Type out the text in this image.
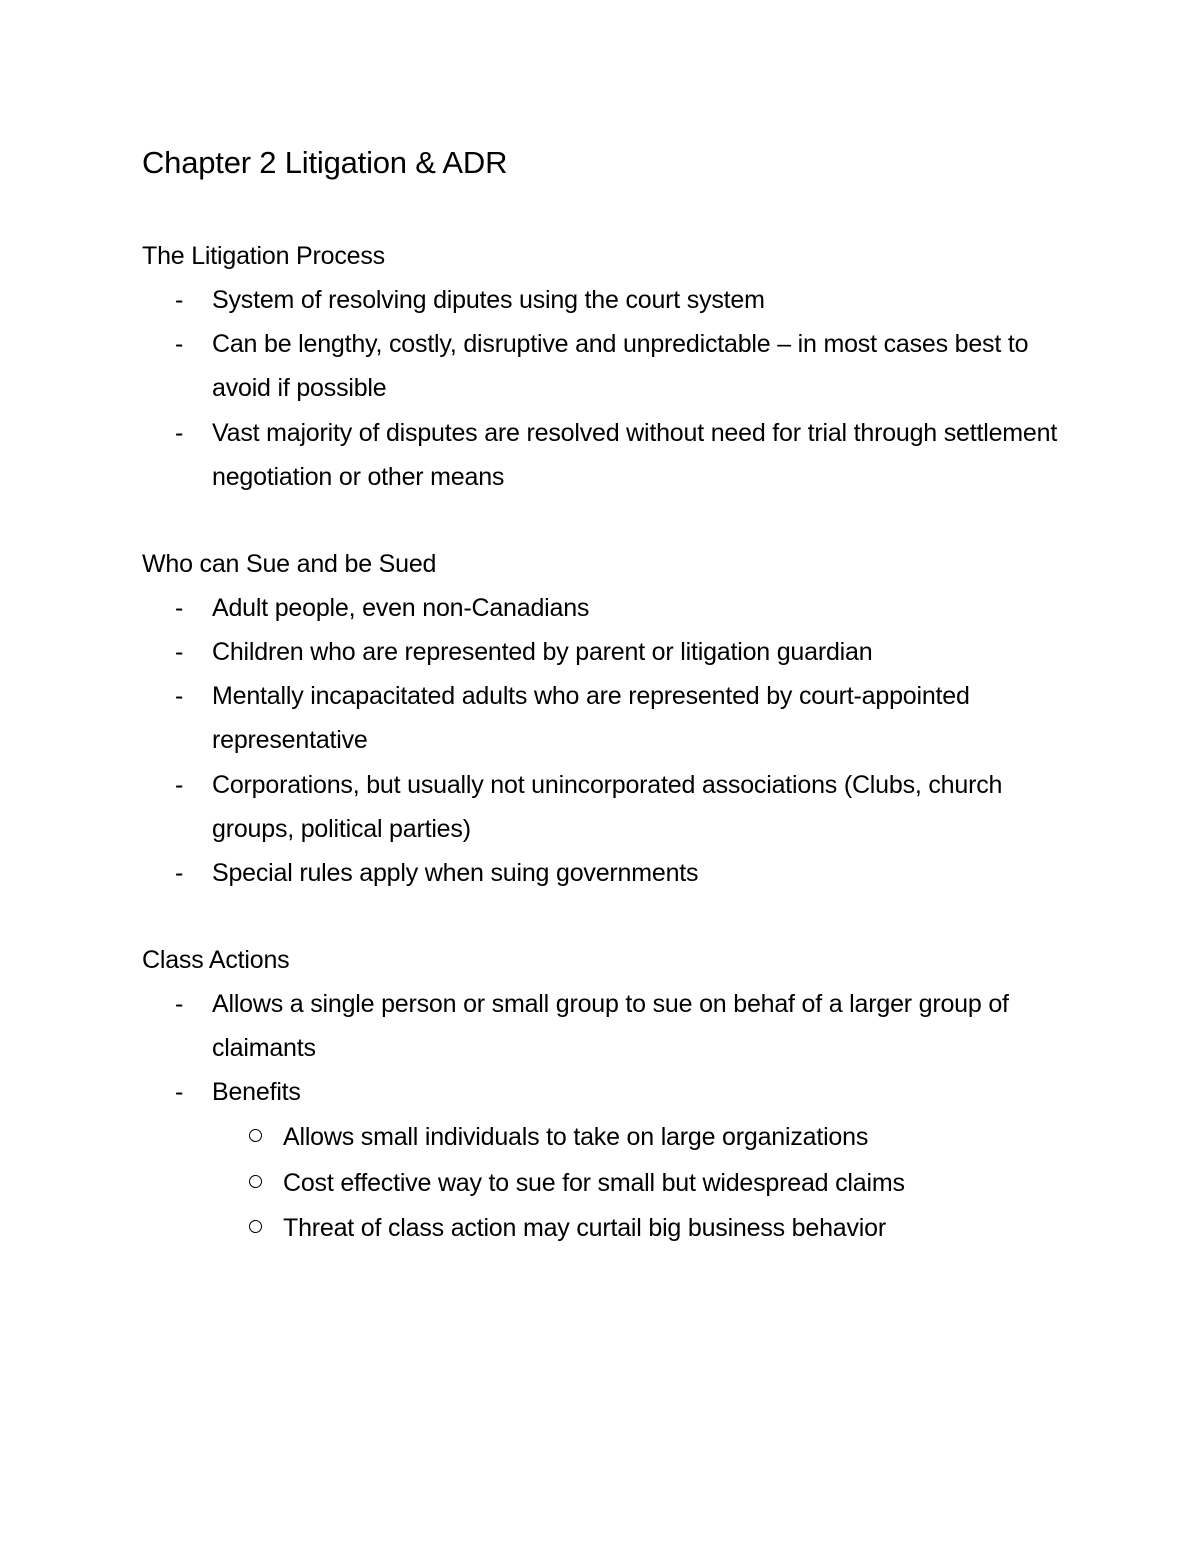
Chapter 2 Litigation & ADR
The Litigation Process
-	System of resolving diputes using the court system
-	Can be lengthy, costly, disruptive and unpredictable – in most cases best to avoid if possible
-	Vast majority of disputes are resolved without need for trial through settlement negotiation or other means
Who can Sue and be Sued
-	Adult people, even non-Canadians
-	Children who are represented by parent or litigation guardian
-	Mentally incapacitated adults who are represented by court-appointed representative
-	Corporations, but usually not unincorporated associations (Clubs, church groups, political parties)
-	Special rules apply when suing governments
Class Actions
-	Allows a single person or small group to sue on behaf of a larger group of claimants
-	Benefits
Allows small individuals to take on large organizations
Cost effective way to sue for small but widespread claims
Threat of class action may curtail big business behavior
